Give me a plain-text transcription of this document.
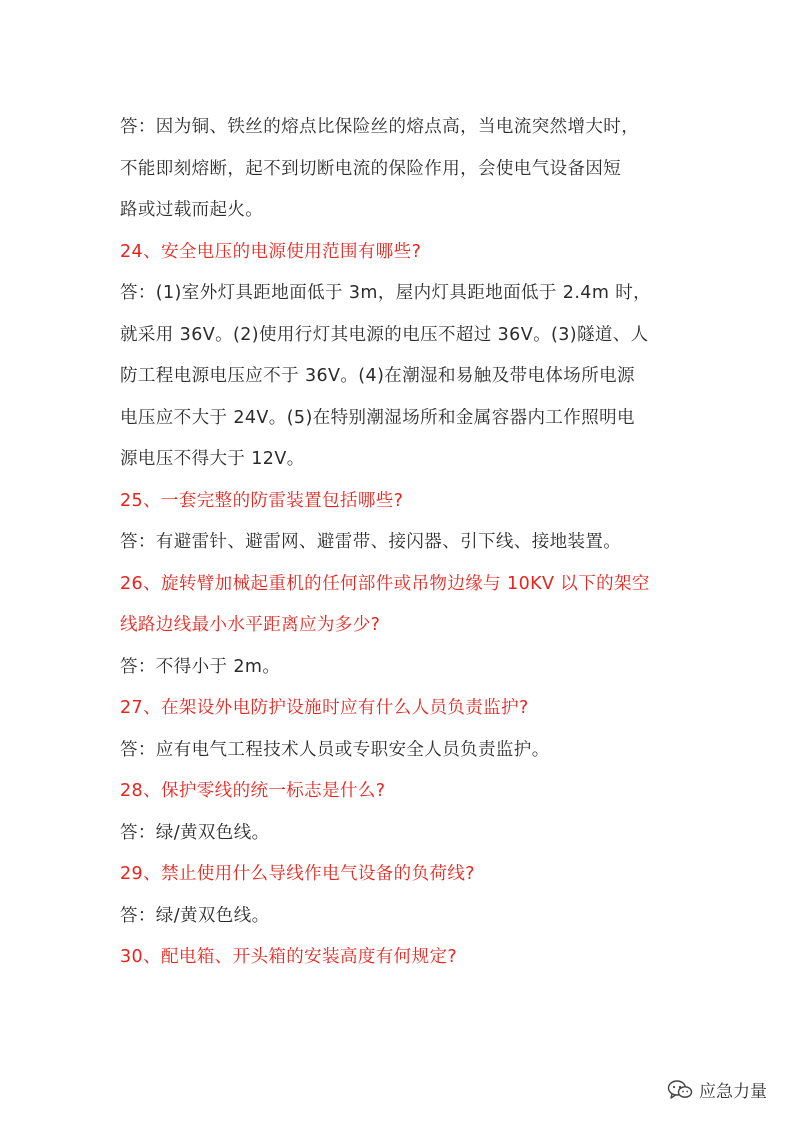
答：因为铜、铁丝的熔点比保险丝的熔点高，当电流突然增大时，
不能即刻熔断，起不到切断电流的保险作用，会使电气设备因短
路或过载而起火。
24、安全电压的电源使用范围有哪些?
答：(1)室外灯具距地面低于 3m，屋内灯具距地面低于 2.4m 时，
就采用 36V。(2)使用行灯其电源的电压不超过 36V。(3)隧道、人
防工程电源电压应不于 36V。(4)在潮湿和易触及带电体场所电源
电压应不大于 24V。(5)在特别潮湿场所和金属容器内工作照明电
源电压不得大于 12V。
25、一套完整的防雷装置包括哪些?
答：有避雷针、避雷网、避雷带、接闪器、引下线、接地装置。
26、旋转臂加械起重机的任何部件或吊物边缘与 10KV 以下的架空
线路边线最小水平距离应为多少?
答：不得小于 2m。
27、在架设外电防护设施时应有什么人员负责监护?
答：应有电气工程技术人员或专职安全人员负责监护。
28、保护零线的统一标志是什么?
答：绿/黄双色线。
29、禁止使用什么导线作电气设备的负荷线?
答：绿/黄双色线。
30、配电箱、开头箱的安装高度有何规定?
应急力量
